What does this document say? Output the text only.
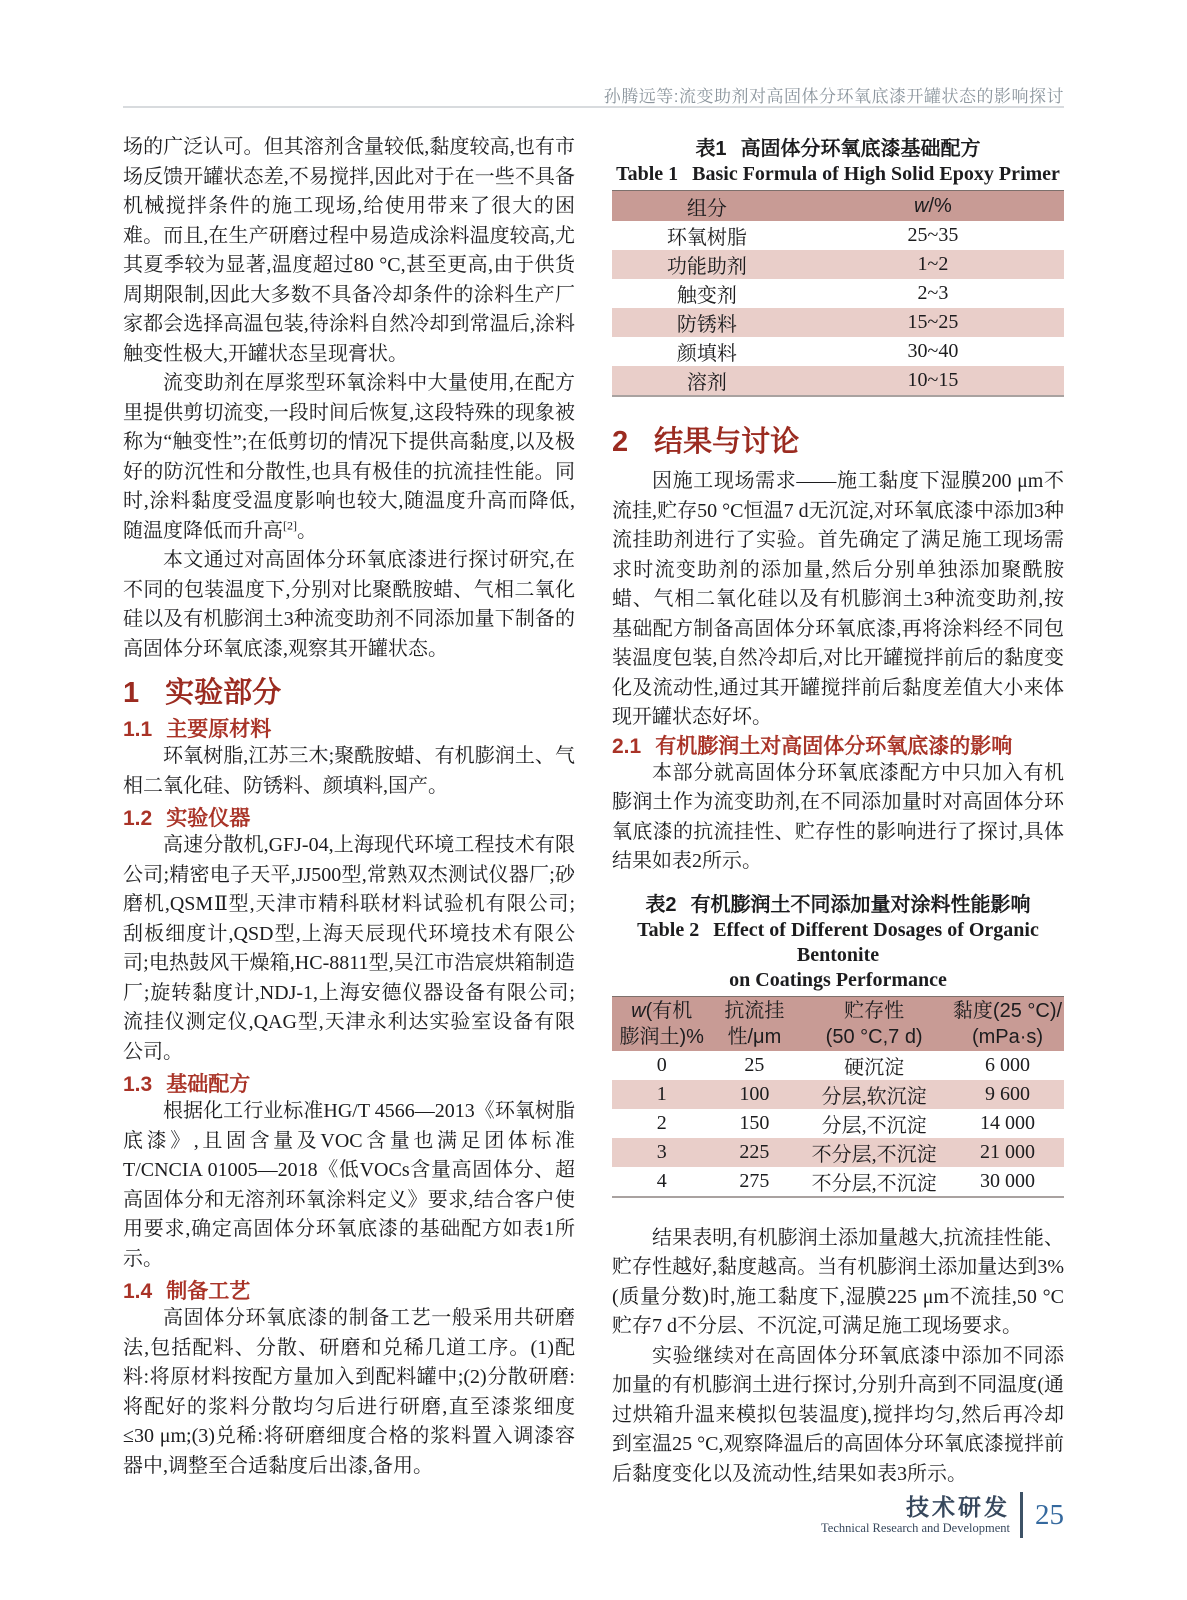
孙腾远等:流变助剂对高固体分环氧底漆开罐状态的影响探讨

场的广泛认可。但其溶剂含量较低,黏度较高,也有市场反馈开罐状态差,不易搅拌,因此对于在一些不具备机械搅拌条件的施工现场,给使用带来了很大的困难。而且,在生产研磨过程中易造成涂料温度较高,尤其夏季较为显著,温度超过80 °C,甚至更高,由于供货周期限制,因此大多数不具备冷却条件的涂料生产厂家都会选择高温包装,待涂料自然冷却到常温后,涂料触变性极大,开罐状态呈现膏状。

流变助剂在厚浆型环氧涂料中大量使用,在配方里提供剪切流变,一段时间后恢复,这段特殊的现象被称为“触变性”;在低剪切的情况下提供高黏度,以及极好的防沉性和分散性,也具有极佳的抗流挂性能。同时,涂料黏度受温度影响也较大,随温度升高而降低,随温度降低而升高[2]。

本文通过对高固体分环氧底漆进行探讨研究,在不同的包装温度下,分别对比聚酰胺蜡、气相二氧化硅以及有机膨润土3种流变助剂不同添加量下制备的高固体分环氧底漆,观察其开罐状态。

1 实验部分
1.1 主要原材料

环氧树脂,江苏三木;聚酰胺蜡、有机膨润土、气相二氧化硅、防锈料、颜填料,国产。

1.2 实验仪器

高速分散机,GFJ-04,上海现代环境工程技术有限公司;精密电子天平,JJ500型,常熟双杰测试仪器厂;砂磨机,QSMⅡ型,天津市精科联材料试验机有限公司;刮板细度计,QSD型,上海天辰现代环境技术有限公司;电热鼓风干燥箱,HC-8811型,吴江市浩宸烘箱制造厂;旋转黏度计,NDJ-1,上海安德仪器设备有限公司;流挂仪测定仪,QAG型,天津永利达实验室设备有限公司。

1.3 基础配方

根据化工行业标准HG/T 4566—2013《环氧树脂底漆》,且固含量及VOC含量也满足团体标准T/CNCIA 01005—2018《低VOCs含量高固体分、超高固体分和无溶剂环氧涂料定义》要求,结合客户使用要求,确定高固体分环氧底漆的基础配方如表1所示。

1.4 制备工艺

高固体分环氧底漆的制备工艺一般采用共研磨法,包括配料、分散、研磨和兑稀几道工序。(1)配料:将原材料按配方量加入到配料罐中;(2)分散研磨:将配好的浆料分散均匀后进行研磨,直至漆浆细度≤30 μm;(3)兑稀:将研磨细度合格的浆料置入调漆容器中,调整至合适黏度后出漆,备用。

表1 高固体分环氧底漆基础配方
Table 1 Basic Formula of High Solid Epoxy Primer
组分	w/%
环氧树脂	25~35
功能助剂	1~2
触变剂	2~3
防锈料	15~25
颜填料	30~40
溶剂	10~15
2 结果与讨论

因施工现场需求——施工黏度下湿膜200 μm不流挂,贮存50 °C恒温7 d无沉淀,对环氧底漆中添加3种流挂助剂进行了实验。首先确定了满足施工现场需求时流变助剂的添加量,然后分别单独添加聚酰胺蜡、气相二氧化硅以及有机膨润土3种流变助剂,按基础配方制备高固体分环氧底漆,再将涂料经不同包装温度包装,自然冷却后,对比开罐搅拌前后的黏度变化及流动性,通过其开罐搅拌前后黏度差值大小来体现开罐状态好坏。

2.1 有机膨润土对高固体分环氧底漆的影响

本部分就高固体分环氧底漆配方中只加入有机膨润土作为流变助剂,在不同添加量时对高固体分环氧底漆的抗流挂性、贮存性的影响进行了探讨,具体结果如表2所示。

表2 有机膨润土不同添加量对涂料性能影响
Table 2 Effect of Different Dosages of Organic Bentonite
on Coatings Performance
w(有机
膨润土)%

抗流挂
性/μm

贮存性
(50 °C,7 d)

黏度(25 °C)/
(mPa·s)

0	25	硬沉淀	6 000
1	100	分层,软沉淀	9 600
2	150	分层,不沉淀	14 000
3	225	不分层,不沉淀	21 000
4	275	不分层,不沉淀	30 000

结果表明,有机膨润土添加量越大,抗流挂性能、贮存性越好,黏度越高。当有机膨润土添加量达到3%(质量分数)时,施工黏度下,湿膜225 μm不流挂,50 °C贮存7 d不分层、不沉淀,可满足施工现场要求。

实验继续对在高固体分环氧底漆中添加不同添加量的有机膨润土进行探讨,分别升高到不同温度(通过烘箱升温来模拟包装温度),搅拌均匀,然后再冷却到室温25 °C,观察降温后的高固体分环氧底漆搅拌前后黏度变化以及流动性,结果如表3所示。

技术研发
Technical Research and Development 25
